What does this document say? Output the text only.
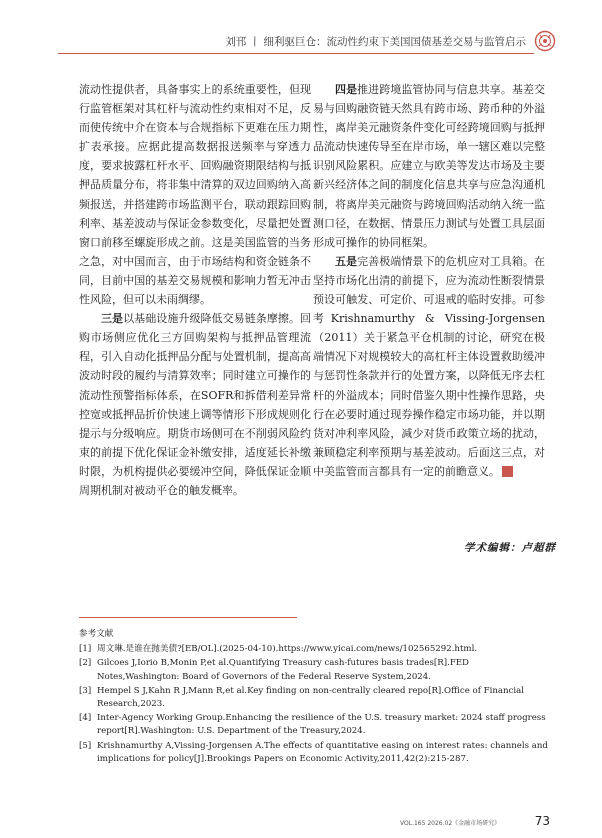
刘邗 丨 细利驱巨仓：流动性约束下美国国债基差交易与监管启示

流动性提供者，具备事实上的系统重要性，但现行监管框架对其杠杆与流动性约束相对不足，反而使传统中介在资本与合规指标下更难在压力期扩表承接。应据此提高数据报送频率与穿透力度，要求披露杠杆水平、回购融资期限结构与抵押品质量分布，将非集中清算的双边回购纳入高频报送，并搭建跨市场监测平台，联动跟踪回购利率、基差波动与保证金参数变化，尽量把处置窗口前移至螺旋形成之前。这是美国监管的当务之急，对中国而言，由于市场结构和资金链条不同，目前中国的基差交易规模和影响力暂无冲击性风险，但可以未雨绸缪。

三是以基础设施升级降低交易链条摩擦。回购市场侧应优化三方回购架构与抵押品管理流程，引入自动化抵押品分配与处置机制，提高高波动时段的履约与清算效率；同时建立可操作的流动性预警指标体系，在SOFR和拆借利差异常控宽或抵押品折价快速上调等情形下形成规则化提示与分级响应。期货市场侧可在不削弱风险约束的前提下优化保证金补缴安排，适度延长补缴时限，为机构提供必要缓冲空间，降低保证金顺周期机制对被动平仓的触发概率。

四是推进跨境监管协同与信息共享。基差交易与回购融资链天然具有跨市场、跨币种的外溢性，离岸美元融资条件变化可经跨境回购与抵押品流动快速传导至在岸市场，单一辖区难以完整识别风险累积。应建立与欧美等发达市场及主要新兴经济体之间的制度化信息共享与应急沟通机制，将离岸美元融资与跨境回购活动纳入统一监测口径，在数据、情景压力测试与处置工具层面形成可操作的协同框架。

五是完善极端情景下的危机应对工具箱。在坚持市场化出清的前提下，应为流动性断裂情景预设可触发、可定价、可退戒的临时安排。可参考Krishnamurthy & Vissing-Jorgensen（2011）关于紧急平仓机制的讨论，研究在极端情况下对规模较大的高杠杆主体设置救助缓冲与惩罚性条款并行的处置方案，以降低无序去杠杆的外溢成本；同时借鉴久期中性操作思路，央行在必要时通过现券操作稳定市场功能，并以期货对冲利率风险，减少对货币政策立场的扰动，兼顾稳定利率预期与基差波动。后面这三点，对中美监管而言都具有一定的前瞻意义。	N

学术编辑：卢超群
参考文献
[1] 周文琳.是谁在抛美债?[EB/OL].(2025-04-10).https://www.yicai.com/news/102565292.html.
[2] Gilcoes J,Iorio B,Monin P,et al.Quantifying Treasury cash-futures basis trades[R].FED Notes,Washington: Board of Governors of the Federal Reserve System,2024.
[3] Hempel S J,Kahn R J,Mann R,et al.Key finding on non-centrally cleared repo[R].Office of Financial Research,2023.
[4] Inter-Agency Working Group.Enhancing the resilience of the U.S. treasury market: 2024 staff progress report[R].Washington: U.S. Department of the Treasury,2024.
[5] Krishnamurthy A,Vissing-Jorgensen A.The effects of quantitative easing on interest rates: channels and implications for policy[J].Brookings Papers on Economic Activity,2011,42(2):215-287.
VOL.165 2026.02《金融市场研究》	73
